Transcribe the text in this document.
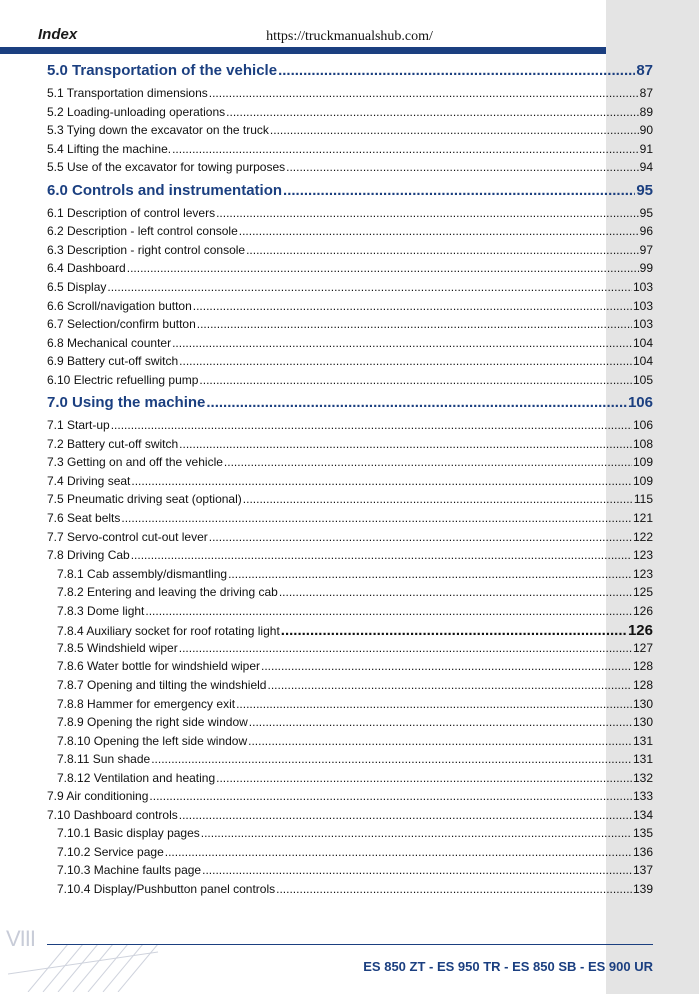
Index	https://truckmanualshub.com/
5.0 Transportation of the vehicle .....	87
5.1 Transportation dimensions .....	87
5.2 Loading-unloading operations .....	89
5.3 Tying down the excavator on the truck .....	90
5.4 Lifting the machine. .....	91
5.5 Use of the excavator for towing purposes .....	94
6.0 Controls and instrumentation .....	95
6.1 Description of control levers .....	95
6.2 Description - left control console .....	96
6.3 Description - right control console .....	97
6.4 Dashboard .....	99
6.5 Display .....	103
6.6 Scroll/navigation button .....	103
6.7 Selection/confirm button .....	103
6.8 Mechanical counter .....	104
6.9 Battery cut-off switch .....	104
6.10 Electric refuelling pump .....	105
7.0 Using the machine .....	106
7.1 Start-up .....	106
7.2 Battery cut-off switch .....	108
7.3 Getting on and off the vehicle .....	109
7.4 Driving seat .....	109
7.5 Pneumatic driving seat (optional) .....	115
7.6 Seat belts .....	121
7.7 Servo-control cut-out lever .....	122
7.8 Driving Cab .....	123
7.8.1 Cab assembly/dismantling .....	123
7.8.2 Entering and leaving the driving cab .....	125
7.8.3 Dome light .....	126
7.8.4 Auxiliary socket for roof rotating light .....	126
7.8.5 Windshield wiper .....	127
7.8.6 Water bottle for windshield wiper .....	128
7.8.7 Opening and tilting the windshield .....	128
7.8.8 Hammer for emergency exit .....	130
7.8.9 Opening the right side window .....	130
7.8.10 Opening the left side window .....	131
7.8.11 Sun shade .....	131
7.8.12 Ventilation and heating .....	132
7.9 Air conditioning .....	133
7.10 Dashboard controls .....	134
7.10.1 Basic display pages .....	135
7.10.2 Service page .....	136
7.10.3 Machine faults page .....	137
7.10.4 Display/Pushbutton panel controls .....	139
VIII
ES 850 ZT - ES 950 TR - ES 850 SB - ES 900 UR
